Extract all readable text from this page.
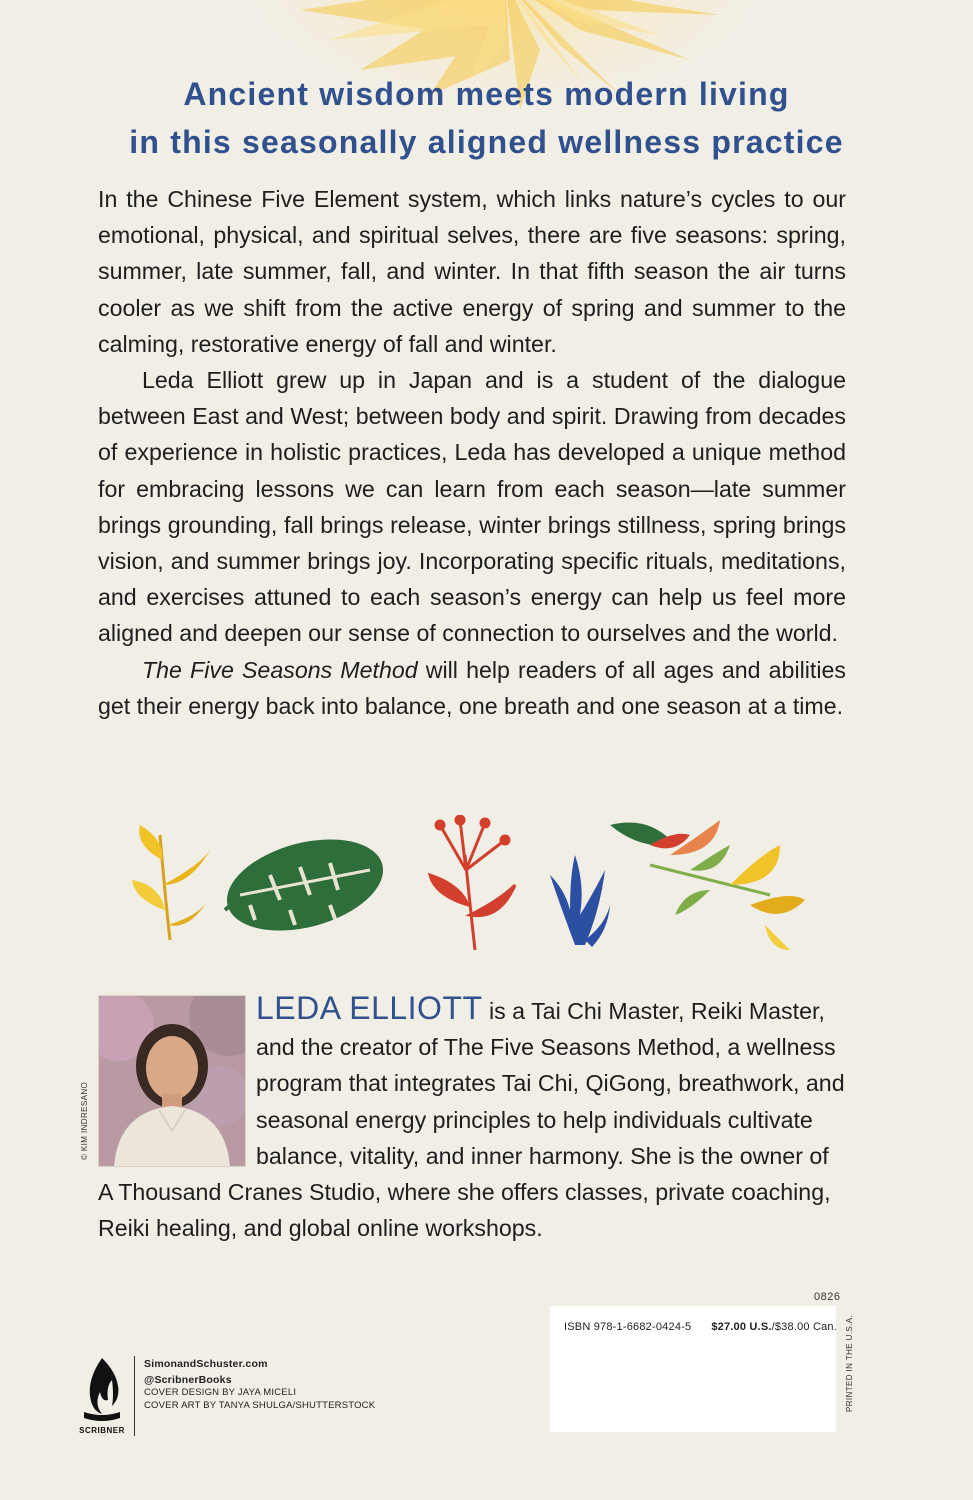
Ancient wisdom meets modern living
in this seasonally aligned wellness practice

In the Chinese Five Element system, which links nature’s cycles to our emotional, physical, and spiritual selves, there are five seasons: spring, summer, late summer, fall, and winter. In that fifth season the air turns cooler as we shift from the active energy of spring and summer to the calming, restorative energy of fall and winter.

Leda Elliott grew up in Japan and is a student of the dialogue between East and West; between body and spirit. Drawing from decades of experience in holistic practices, Leda has developed a unique method for embracing lessons we can learn from each season—late summer brings grounding, fall brings release, winter brings stillness, spring brings vision, and summer brings joy. Incorporating specific rituals, meditations, and exercises attuned to each season’s energy can help us feel more aligned and deepen our sense of connection to ourselves and the world.

The Five Seasons Method will help readers of all ages and abilities get their energy back into balance, one breath and one season at a time.

© KIM INDRESANO

LEDA ELLIOTT is a Tai Chi Master, Reiki Master, and the creator of The Five Seasons Method, a wellness program that integrates Tai Chi, QiGong, breathwork, and seasonal energy principles to help individuals cultivate balance, vitality, and inner harmony. She is the owner of A Thousand Cranes Studio, where she offers classes, private coaching, Reiki healing, and global online workshops.

0826
ISBN 978-1-6682-0424-5 $27.00 U.S./$38.00 Can. PRINTED IN THE U.S.A.
SCRIBNER
SimonandSchuster.com
@ScribnerBooks
COVER DESIGN BY JAYA MICELI
COVER ART BY TANYA SHULGA/SHUTTERSTOCK
